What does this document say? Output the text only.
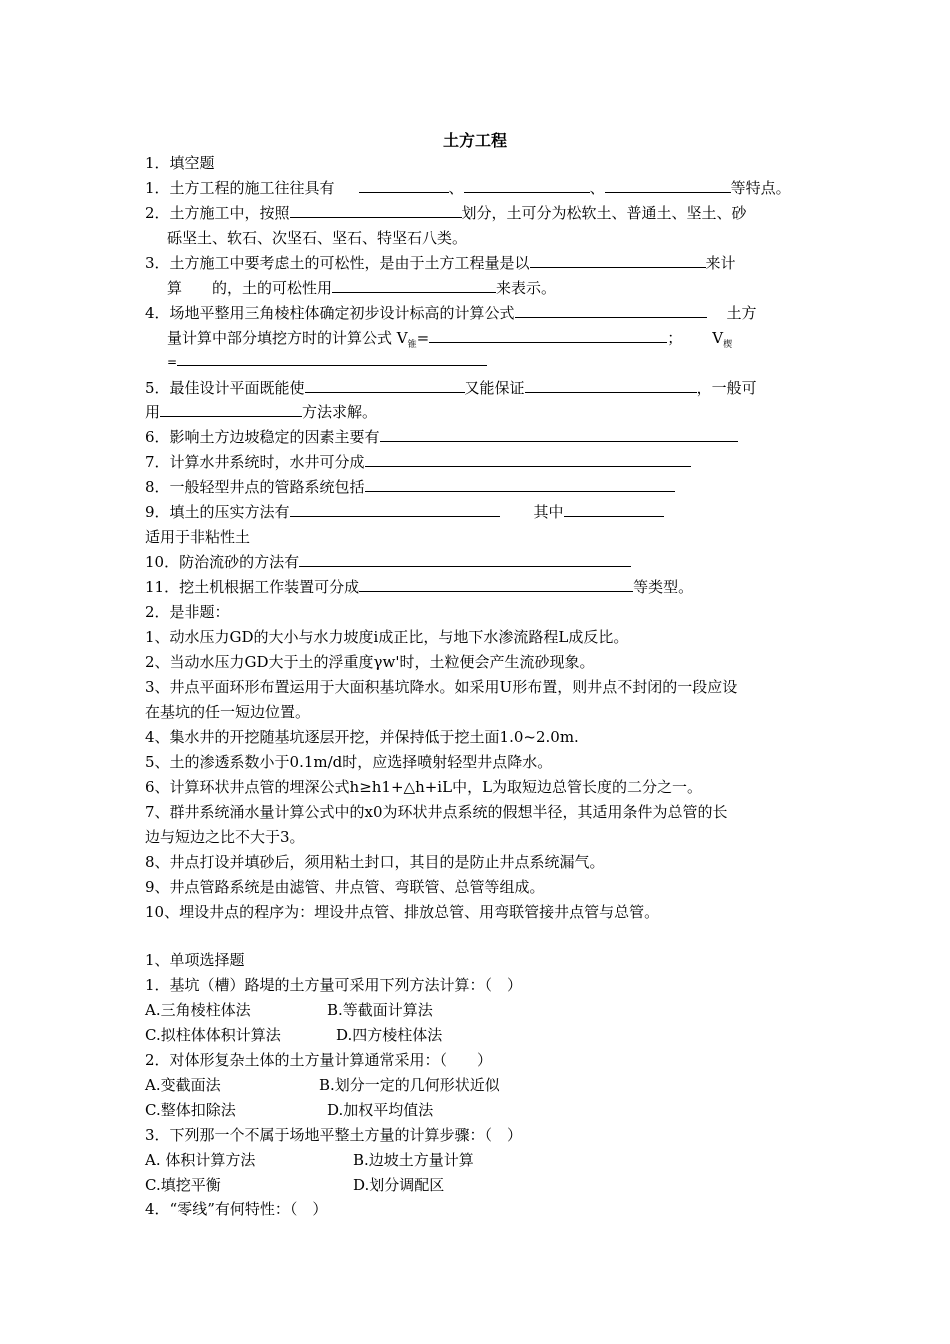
土方工程
1．填空题
1．土方工程的施工往往具有	、	、	等特点。
2．土方施工中，按照	划分，土可分为松软土、普通土、坚土、砂
砾坚土、软石、次坚石、坚石、特坚石八类。
3．土方施工中要考虑土的可松性，是由于土方工程量是以	来计
算　　的，土的可松性用	来表示。
4．场地平整用三角棱柱体确定初步设计标高的计算公式	土方
量计算中部分填挖方时的计算公式 $V_锥=$	； $V_楔$
=
5．最佳设计平面既能使	又能保证	，一般可
用	方法求解。
6．影响土方边坡稳定的因素主要有
7．计算水井系统时，水井可分成
8．一般轻型井点的管路系统包括
9．填土的压实方法有	其中
适用于非粘性土
10．防治流砂的方法有
11．挖土机根据工作装置可分成	等类型。
2．是非题：
1、动水压力GD的大小与水力坡度i成正比，与地下水渗流路程L成反比。
2、当动水压力GD大于土的浮重度γw'时，土粒便会产生流砂现象。
3、井点平面环形布置运用于大面积基坑降水。如采用U形布置，则井点不封闭的一段应设
在基坑的任一短边位置。
4、集水井的开挖随基坑逐层开挖，并保持低于挖土面1.0~2.0m.
5、土的渗透系数小于0.1m/d时，应选择喷射轻型井点降水。
6、计算环状井点管的埋深公式h≥h1+△h+iL中，L为取短边总管长度的二分之一。
7、群井系统涌水量计算公式中的x0为环状井点系统的假想半径，其适用条件为总管的长
边与短边之比不大于3。
8、井点打设并填砂后，须用粘土封口，其目的是防止井点系统漏气。
9、井点管路系统是由滤管、井点管、弯联管、总管等组成。
10、埋设井点的程序为：埋设井点管、排放总管、用弯联管接井点管与总管。
1、单项选择题
1．基坑（槽）路堤的土方量可采用下列方法计算：（　）
A.三角棱柱体法	B.等截面计算法
C.拟柱体体积计算法	D.四方棱柱体法
2．对体形复杂土体的土方量计算通常采用：（　　）
A.变截面法	B.划分一定的几何形状近似
C.整体扣除法	D.加权平均值法
3．下列那一个不属于场地平整土方量的计算步骤：（　）
A. 体积计算方法	B.边坡土方量计算
C.填挖平衡	D.划分调配区
4．“零线”有何特性：（　）
